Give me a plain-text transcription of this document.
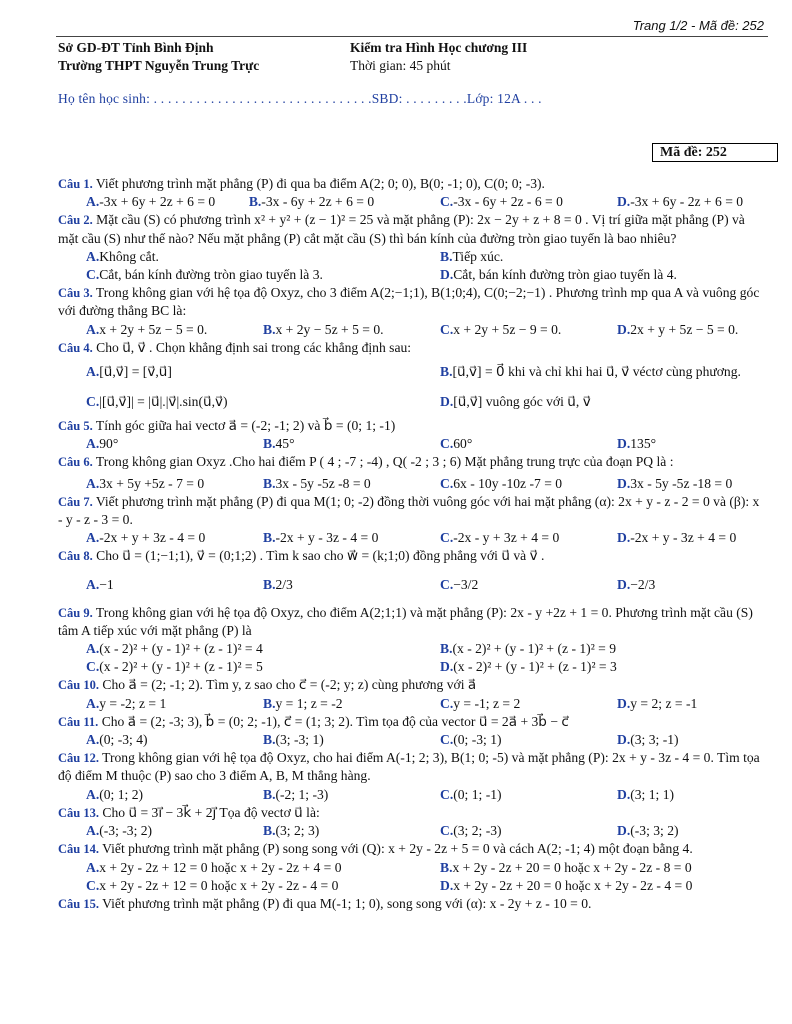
Trang 1/2 - Mã đề: 252
Sở GD-ĐT Tỉnh Bình Định
Trường THPT Nguyễn Trung Trực
Kiểm tra Hình Học chương III
Thời gian: 45 phút
Họ tên học sinh: . . . . . . . . . . . . . . . . . . . . . . . . . . . . . . .SBD: . . . . . . . . .Lớp: 12A . . .
Mã đề: 252
Câu 1. Viết phương trình mặt phẳng (P) đi qua ba điểm A(2; 0; 0), B(0; -1; 0), C(0; 0; -3).
A.-3x + 6y + 2z + 6 = 0	B.-3x - 6y + 2z + 6 = 0	C.-3x - 6y + 2z - 6 = 0	D.-3x + 6y - 2z + 6 = 0
Câu 2. Mặt cầu (S) có phương trình x² + y² + (z − 1)² = 25 và mặt phẳng (P): 2x − 2y + z + 8 = 0 . Vị trí giữa mặt phẳng (P) và mặt cầu (S) như thế nào? Nếu mặt phẳng (P) cắt mặt cầu (S) thì bán kính của đường tròn giao tuyến là bao nhiêu?
A.Không cắt.	B.Tiếp xúc.
C.Cắt, bán kính đường tròn giao tuyến là 3.	D.Cắt, bán kính đường tròn giao tuyến là 4.
Câu 3. Trong không gian với hệ tọa độ Oxyz, cho 3 điểm A(2;−1;1), B(1;0;4), C(0;−2;−1) . Phương trình mp qua A và vuông góc với đường thẳng BC là:
A.x + 2y + 5z − 5 = 0.	B.x + 2y − 5z + 5 = 0.	C.x + 2y + 5z − 9 = 0.	D.2x + y + 5z − 5 = 0.
Câu 4. Cho u⃗, v⃗ . Chọn khẳng định sai trong các khẳng định sau:
A.[u⃗,v⃗] = [v⃗,u⃗]	B.[u⃗,v⃗] = 0⃗ khi và chỉ khi hai u⃗, v⃗ véctơ cùng phương.
C.|[u⃗,v⃗]| = |u⃗|.|v⃗|.sin(u⃗,v⃗)	D.[u⃗,v⃗] vuông góc với u⃗, v⃗
Câu 5. Tính góc giữa hai vectơ a⃗ = (-2; -1; 2) và b⃗ = (0; 1; -1)
A.90°	B.45°	C.60°	D.135°
Câu 6. Trong không gian Oxyz .Cho hai điểm P ( 4 ; -7 ; -4) , Q( -2 ; 3 ; 6) Mặt phẳng trung trực của đoạn PQ là :
A.3x + 5y +5z - 7 = 0	B.3x - 5y -5z -8 = 0	C.6x - 10y -10z -7 = 0	D.3x - 5y -5z -18 = 0
Câu 7. Viết phương trình mặt phẳng (P) đi qua M(1; 0; -2) đồng thời vuông góc với hai mặt phẳng (α): 2x + y - z - 2 = 0 và (β): x - y - z - 3 = 0.
A.-2x + y + 3z - 4 = 0	B.-2x + y - 3z - 4 = 0	C.-2x - y + 3z + 4 = 0	D.-2x + y - 3z + 4 = 0
Câu 8. Cho u⃗ = (1;−1;1), v⃗ = (0;1;2) . Tìm k sao cho w⃗ = (k;1;0) đồng phẳng với u⃗ và v⃗ .
A.−1	B.2/3	C.−3/2	D.−2/3
Câu 9. Trong không gian với hệ tọa độ Oxyz, cho điểm A(2;1;1) và mặt phẳng (P): 2x - y +2z + 1 = 0. Phương trình mặt cầu (S) tâm A tiếp xúc với mặt phẳng (P) là
A.(x - 2)² + (y - 1)² + (z - 1)² = 4	B.(x - 2)² + (y - 1)² + (z - 1)² = 9
C.(x - 2)² + (y - 1)² + (z - 1)² = 5	D.(x - 2)² + (y - 1)² + (z - 1)² = 3
Câu 10. Cho a⃗ = (2; -1; 2). Tìm y, z sao cho c⃗ = (-2; y; z) cùng phương với a⃗
A.y = -2; z = 1	B.y = 1; z = -2	C.y = -1; z = 2	D.y = 2; z = -1
Câu 11. Cho a⃗ = (2; -3; 3), b⃗ = (0; 2; -1), c⃗ = (1; 3; 2). Tìm tọa độ của vector u⃗ = 2a⃗ + 3b⃗ − c⃗
A.(0; -3; 4)	B.(3; -3; 1)	C.(0; -3; 1)	D.(3; 3; -1)
Câu 12. Trong không gian với hệ tọa độ Oxyz, cho hai điểm A(-1; 2; 3), B(1; 0; -5) và mặt phẳng (P): 2x + y - 3z - 4 = 0. Tìm tọa độ điểm M thuộc (P) sao cho 3 điểm A, B, M thẳng hàng.
A.(0; 1; 2)	B.(-2; 1; -3)	C.(0; 1; -1)	D.(3; 1; 1)
Câu 13. Cho u⃗ = 3i⃗ − 3k⃗ + 2j⃗ Tọa độ vectơ u⃗ là:
A.(-3; -3; 2)	B.(3; 2; 3)	C.(3; 2; -3)	D.(-3; 3; 2)
Câu 14. Viết phương trình mặt phẳng (P) song song với (Q): x + 2y - 2z + 5 = 0 và cách A(2; -1; 4) một đoạn bằng 4.
A.x + 2y - 2z + 12 = 0 hoặc x + 2y - 2z + 4 = 0	B.x + 2y - 2z + 20 = 0 hoặc x + 2y - 2z - 8 = 0
C.x + 2y - 2z + 12 = 0 hoặc x + 2y - 2z - 4 = 0	D.x + 2y - 2z + 20 = 0 hoặc x + 2y - 2z - 4 = 0
Câu 15. Viết phương trình mặt phẳng (P) đi qua M(-1; 1; 0), song song với (α): x - 2y + z - 10 = 0.
